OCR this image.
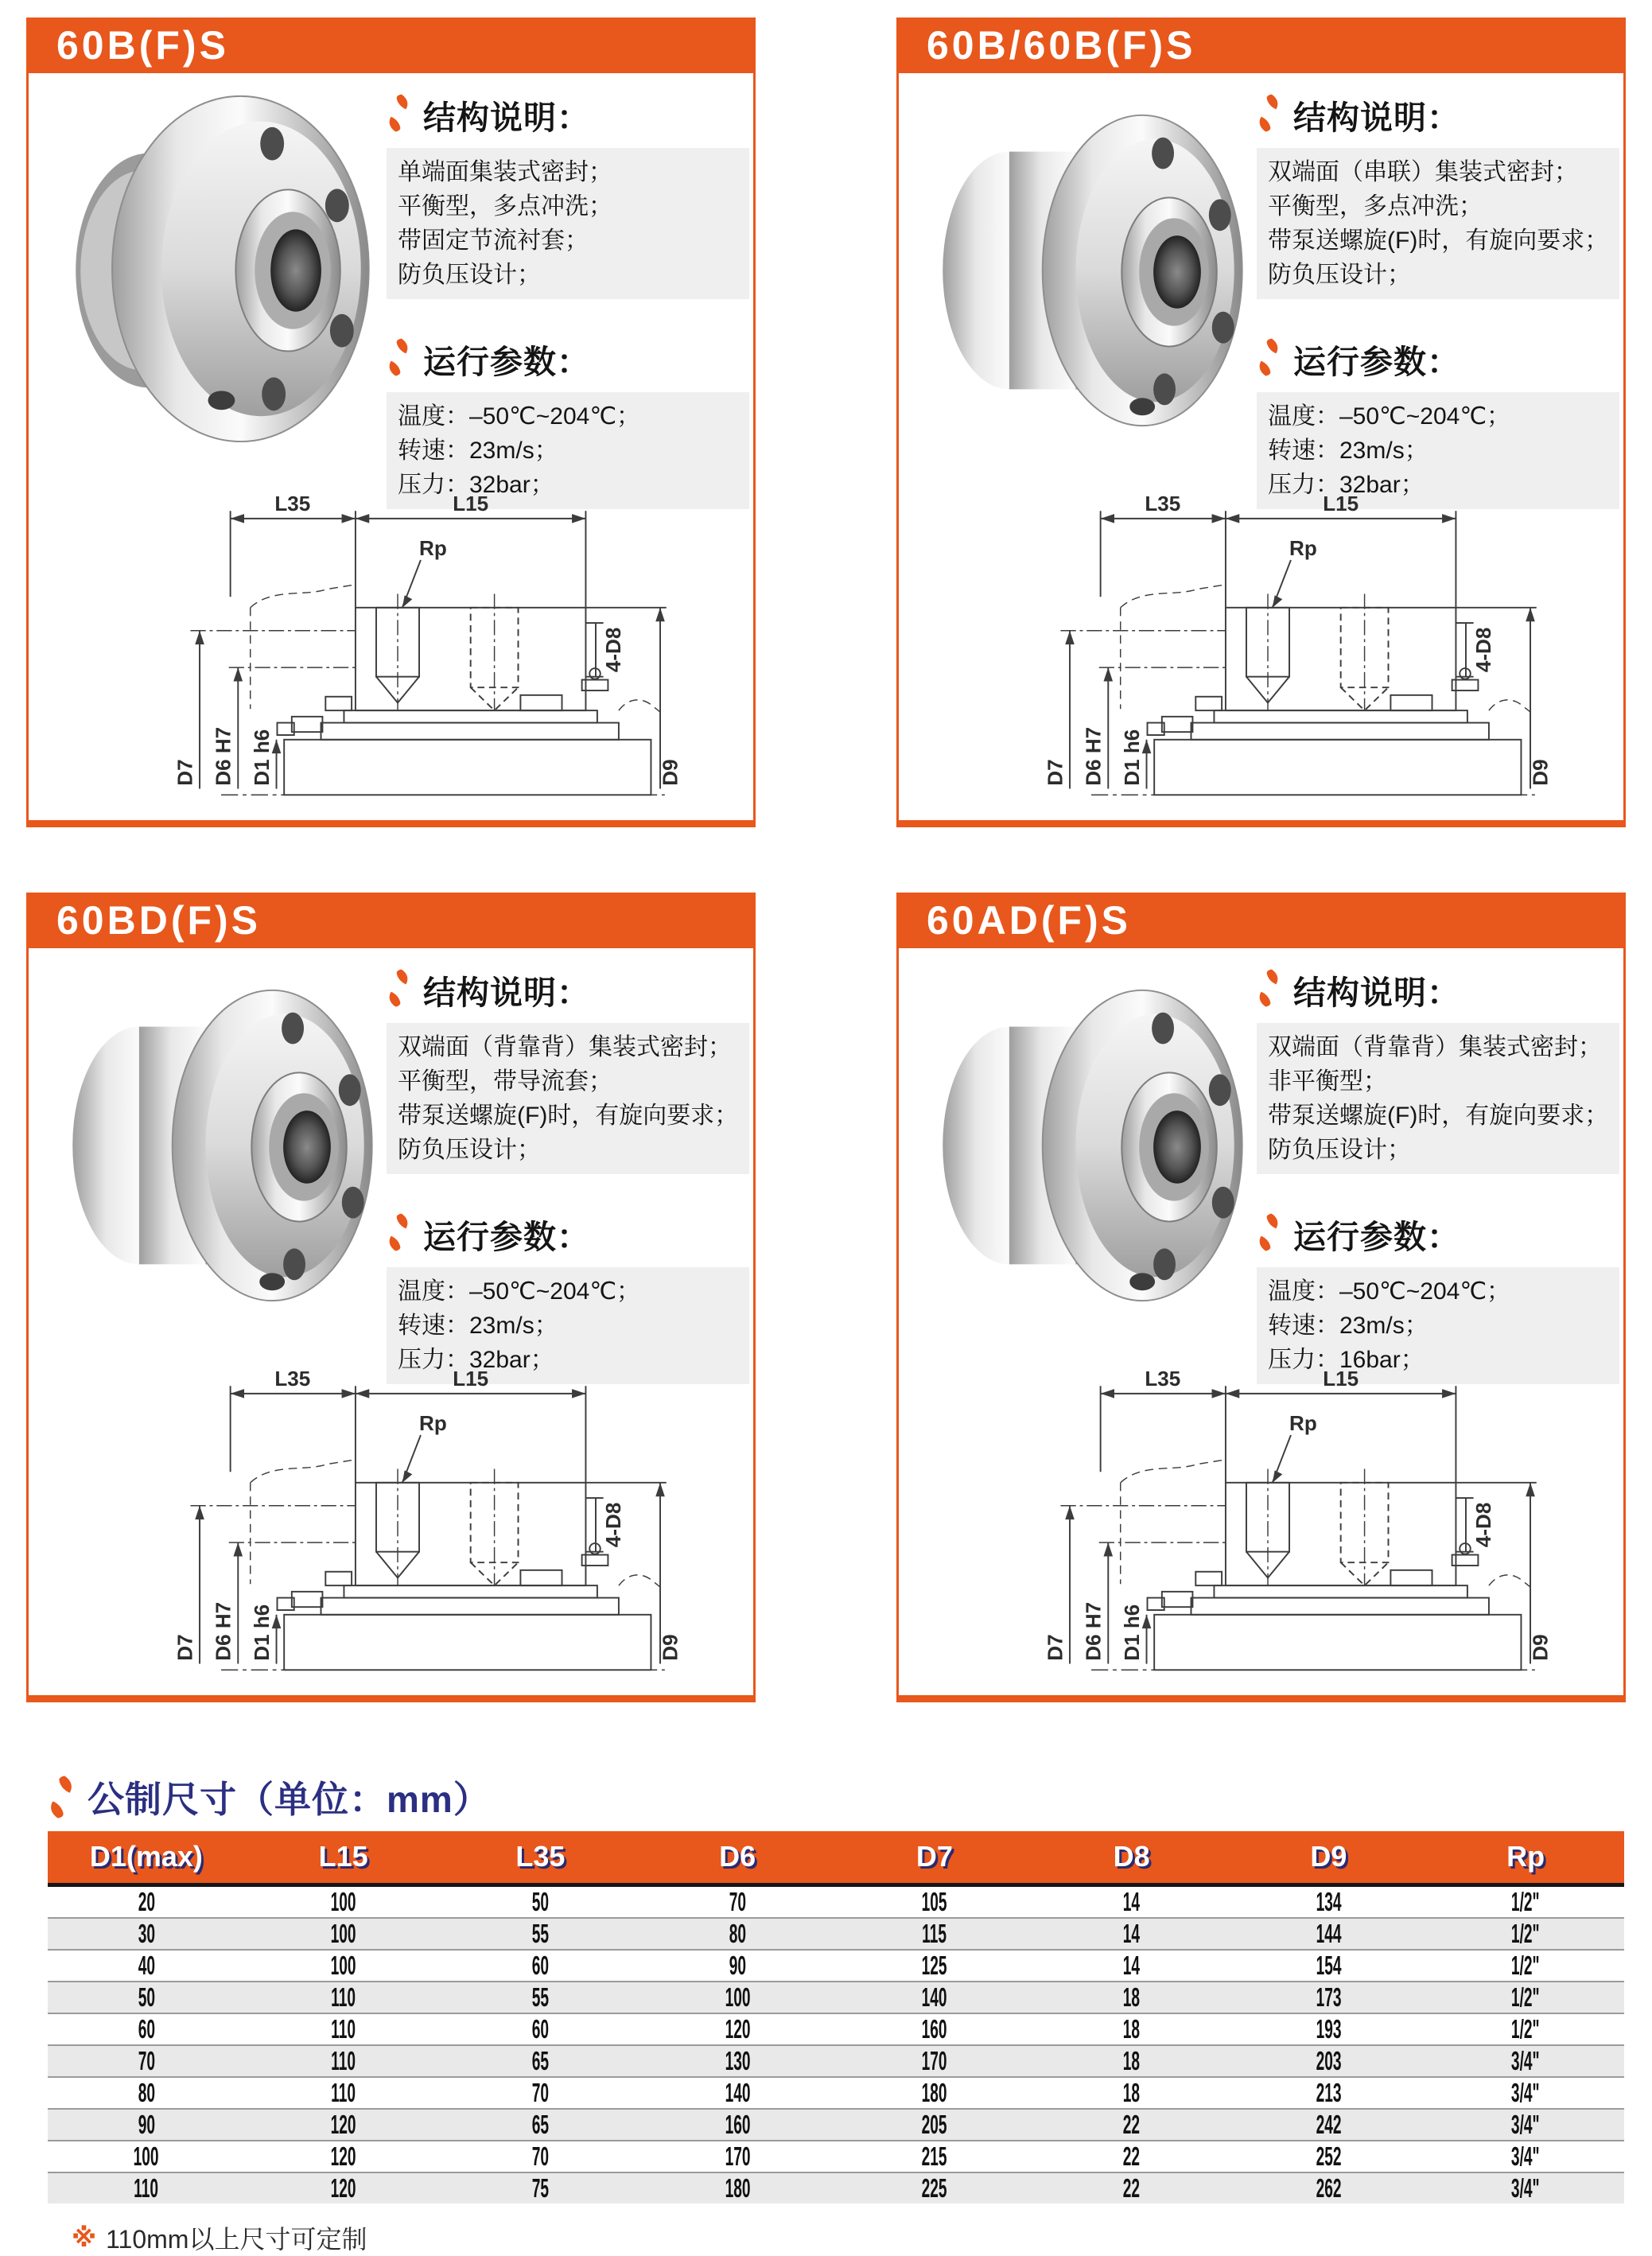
60B(F)S
结构说明：
单端面集装式密封；
平衡型，多点冲洗；
带固定节流衬套；
防负压设计；
运行参数：
温度：–50℃~204℃；
转速：23m/s；
压力：32bar；
L35	L15
Rp
4-D8
D7 D6 H7 D1 h6	D9
60B/60B(F)S
结构说明：
双端面（串联）集装式密封；
平衡型，多点冲洗；
带泵送螺旋(F)时，有旋向要求；
防负压设计；
运行参数：
温度：–50℃~204℃；
转速：23m/s；
压力：32bar；
L35	L15
Rp
4-D8
D7 D6 H7 D1 h6	D9
60BD(F)S
结构说明：
双端面（背靠背）集装式密封；
平衡型，带导流套；
带泵送螺旋(F)时，有旋向要求；
防负压设计；
运行参数：
温度：–50℃~204℃；
转速：23m/s；
压力：32bar；
L35	L15
Rp
4-D8
D7 D6 H7 D1 h6	D9
60AD(F)S
结构说明：
双端面（背靠背）集装式密封；
非平衡型；
带泵送螺旋(F)时，有旋向要求；
防负压设计；
运行参数：
温度：–50℃~204℃；
转速：23m/s；
压力：16bar；
L35	L15
Rp
4-D8
D7 D6 H7 D1 h6	D9
公制尺寸（单位：mm）
D1(max)	L15	L35	D6	D7	D8	D9	Rp
20	100	50	70	105	14	134	1/2"
30	100	55	80	115	14	144	1/2"
40	100	60	90	125	14	154	1/2"
50	110	55	100	140	18	173	1/2"
60	110	60	120	160	18	193	1/2"
70	110	65	130	170	18	203	3/4"
80	110	70	140	180	18	213	3/4"
90	120	65	160	205	22	242	3/4"
100	120	70	170	215	22	252	3/4"
110	120	75	180	225	22	262	3/4"
※ 110mm以上尺寸可定制
